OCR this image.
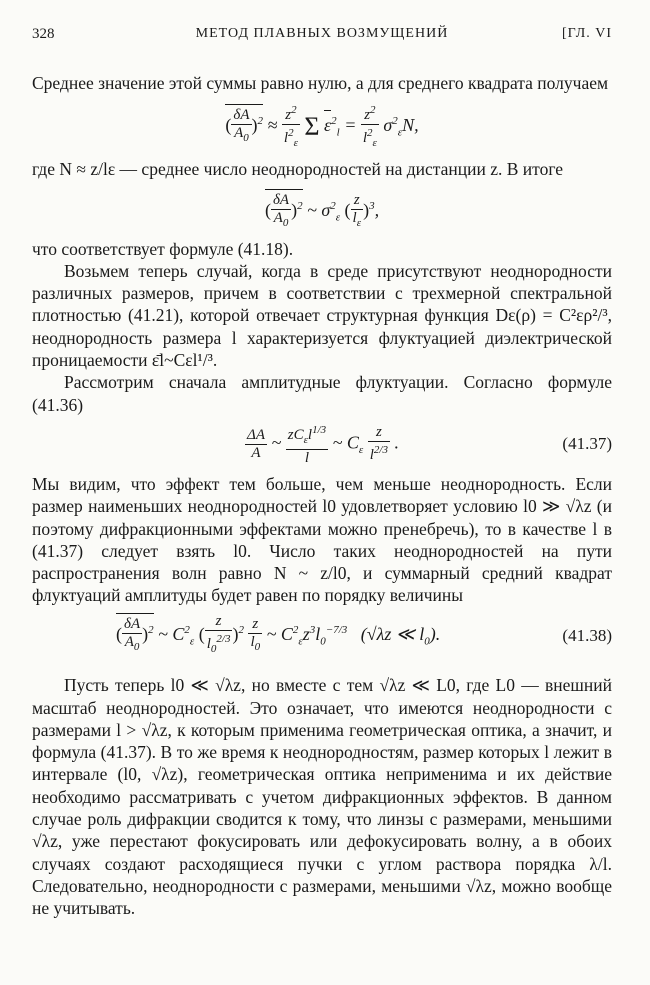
328	МЕТОД ПЛАВНЫХ ВОЗМУЩЕНИЙ	[ГЛ. VI

Среднее значение этой суммы равно нулю, а для среднего квадрата получаем

( $\frac{\delta A}{A_0} )^2 \approx \frac{z^2}{l^2_\varepsilon}$ Σ $\varepsilon^2_l = \frac{z^2}{l^2_\varepsilon} \sigma^2_\varepsilon N$,

где N ≈ z/lε — среднее число неоднородностей на дистанции z. В итоге

( $\frac{\delta A}{A_0} )^2$ ~ $\sigma^2_\varepsilon$ ( $\frac{z}{l_\varepsilon} )^3$,

что соответствует формуле (41.18).

Возьмем теперь случай, когда в среде присутствуют неоднородности различных размеров, причем в соответствии с трехмерной спектральной плотностью (41.21), которой отвечает структурная функция Dε(ρ) = C²ερ²/³, неоднородность размера l характеризуется флуктуацией диэлектрической проницаемости ε̄l~Cεl¹/³.

Рассмотрим сначала амплитудные флуктуации. Согласно формуле (41.36)

$\frac{\Delta A}{A}$ ~ $\frac{zC_\varepsilon l^{1/3}}{l}$ ~ $C_\varepsilon \frac{z}{l^{2/3}}$ .	(41.37)

Мы видим, что эффект тем больше, чем меньше неоднородность. Если размер наименьших неоднородностей l0 удовлетворяет условию l0 ≫ √λz (и поэтому дифракционными эффектами можно пренебречь), то в качестве l в (41.37) следует взять l0. Число таких неоднородностей на пути распространения волн равно N ~ z/l0, и суммарный средний квадрат флуктуаций амплитуды будет равен по порядку величины

( $\frac{\delta A}{A_0} )^2$ ~ $C^2_\varepsilon$ ( $\frac{z}{l_0^{2/3}} )^2 \frac{z}{l_0}$ ~ $C^2_\varepsilon z^3l_0^{-7/3}$   (√λz ≪ $l_0$).	(41.38)

Пусть теперь l0 ≪ √λz, но вместе с тем √λz ≪ L0, где L0 — внешний масштаб неоднородностей. Это означает, что имеются неоднородности с размерами l > √λz, к которым применима геометрическая оптика, а значит, и формула (41.37). В то же время к неоднородностям, размер которых l лежит в интервале (l0, √λz), геометрическая оптика неприменима и их действие необходимо рассматривать с учетом дифракционных эффектов. В данном случае роль дифракции сводится к тому, что линзы с размерами, меньшими √λz, уже перестают фокусировать или дефокусировать волну, а в обоих случаях создают расходящиеся пучки с углом раствора порядка λ/l. Следовательно, неоднородности с размерами, меньшими √λz, можно вообще не учитывать.
